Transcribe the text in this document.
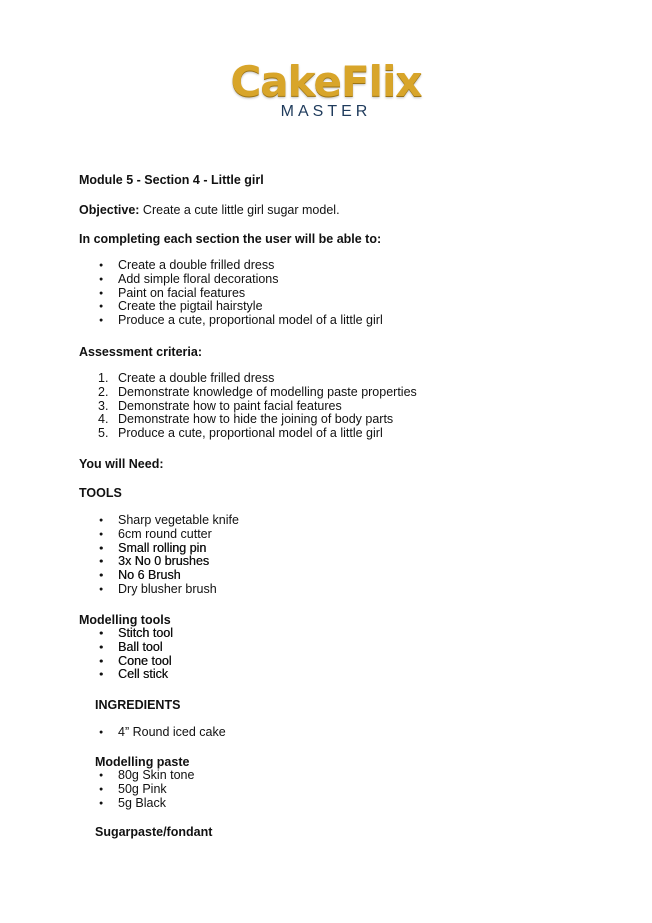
CakeFlix
MASTER
Module 5 - Section 4 - Little girl
Objective: Create a cute little girl sugar model.
In completing each section the user will be able to:
● Create a double frilled dress
● Add simple floral decorations
● Paint on facial features
● Create the pigtail hairstyle
● Produce a cute, proportional model of a little girl
Assessment criteria:
1. Create a double frilled dress
2. Demonstrate knowledge of modelling paste properties
3. Demonstrate how to paint facial features
4. Demonstrate how to hide the joining of body parts
5. Produce a cute, proportional model of a little girl
You will Need:
TOOLS
● Sharp vegetable knife
● 6cm round cutter
● Small rolling pin
● 3x No 0 brushes
● No 6 Brush
● Dry blusher brush
Modelling tools
● Stitch tool
● Ball tool
● Cone tool
● Cell stick
INGREDIENTS
● 4” Round iced cake
Modelling paste
● 80g Skin tone
● 50g Pink
● 5g Black
Sugarpaste/fondant
